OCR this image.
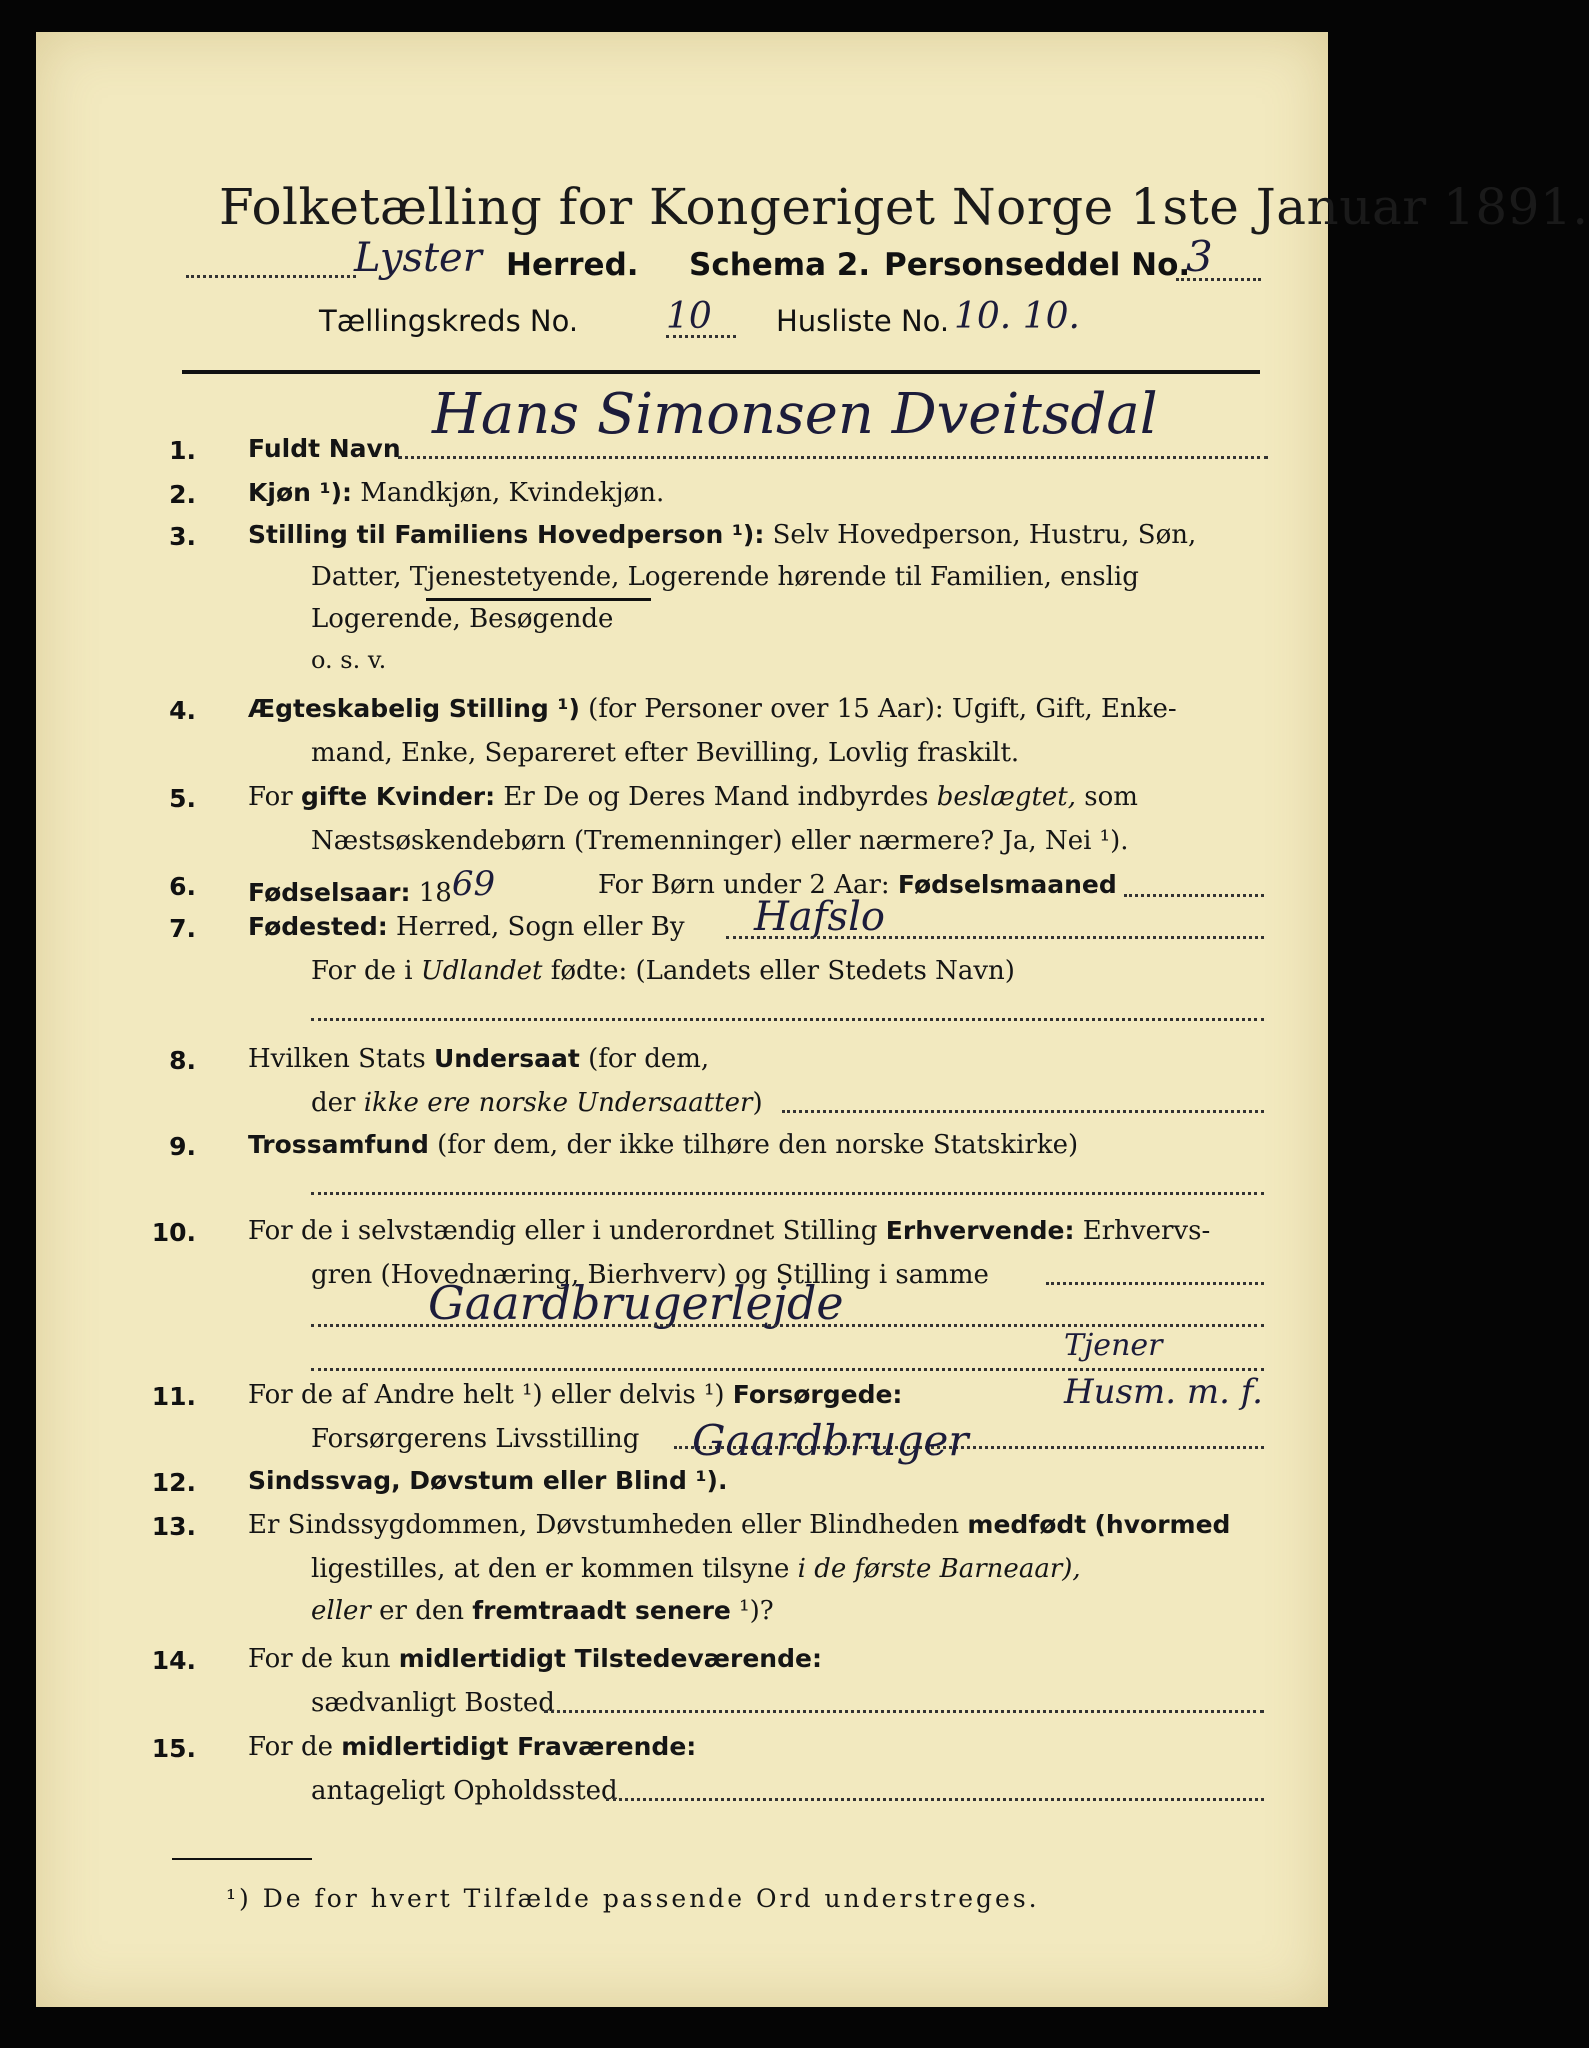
Folketælling for Kongeriget Norge 1ste Januar 1891.
Lyster Herred. Schema 2. Personseddel No.
3
Tællingskreds No. 10 Husliste No. 10. 10.
1. Fuldt Navn
Hans Simonsen Dveitsdal
2. Kjøn ¹): Mandkjøn, Kvindekjøn.
3. Stilling til Familiens Hovedperson ¹): Selv Hovedperson, Hustru, Søn,
Datter, Tjenestetyende, Logerende hørende til Familien, enslig
Logerende, Besøgende
o. s. v.
4. Ægteskabelig Stilling ¹) (for Personer over 15 Aar): Ugift, Gift, Enke-
mand, Enke, Separeret efter Bevilling, Lovlig fraskilt.
5. For gifte Kvinder: Er De og Deres Mand indbyrdes beslægtet, som
Næstsøskendebørn (Tremenninger) eller nærmere? Ja, Nei ¹).
6. Fødselsaar: 1869	For Børn under 2 Aar: Fødselsmaaned
7. Fødested: Herred, Sogn eller By Hafslo
For de i Udlandet fødte: (Landets eller Stedets Navn)
8. Hvilken Stats Undersaat (for dem,
der ikke ere norske Undersaatter)
9. Trossamfund (for dem, der ikke tilhøre den norske Statskirke)
10. For de i selvstændig eller i underordnet Stilling Erhvervende: Erhvervs-
gren (Hovednæring, Bierhverv) og Stilling i samme
Gaardbrugerlejde
Tjener
11. For de af Andre helt ¹) eller delvis ¹) Forsørgede:	Husm. m. f.
Forsørgerens Livsstilling Gaardbruger
12. Sindssvag, Døvstum eller Blind ¹).
13. Er Sindssygdommen, Døvstumheden eller Blindheden medfødt (hvormed
ligestilles, at den er kommen tilsyne i de første Barneaar),
eller er den fremtraadt senere ¹)?
14. For de kun midlertidigt Tilstedeværende:
sædvanligt Bosted
15. For de midlertidigt Fraværende:
antageligt Opholdssted
¹) De for hvert Tilfælde passende Ord understreges.
